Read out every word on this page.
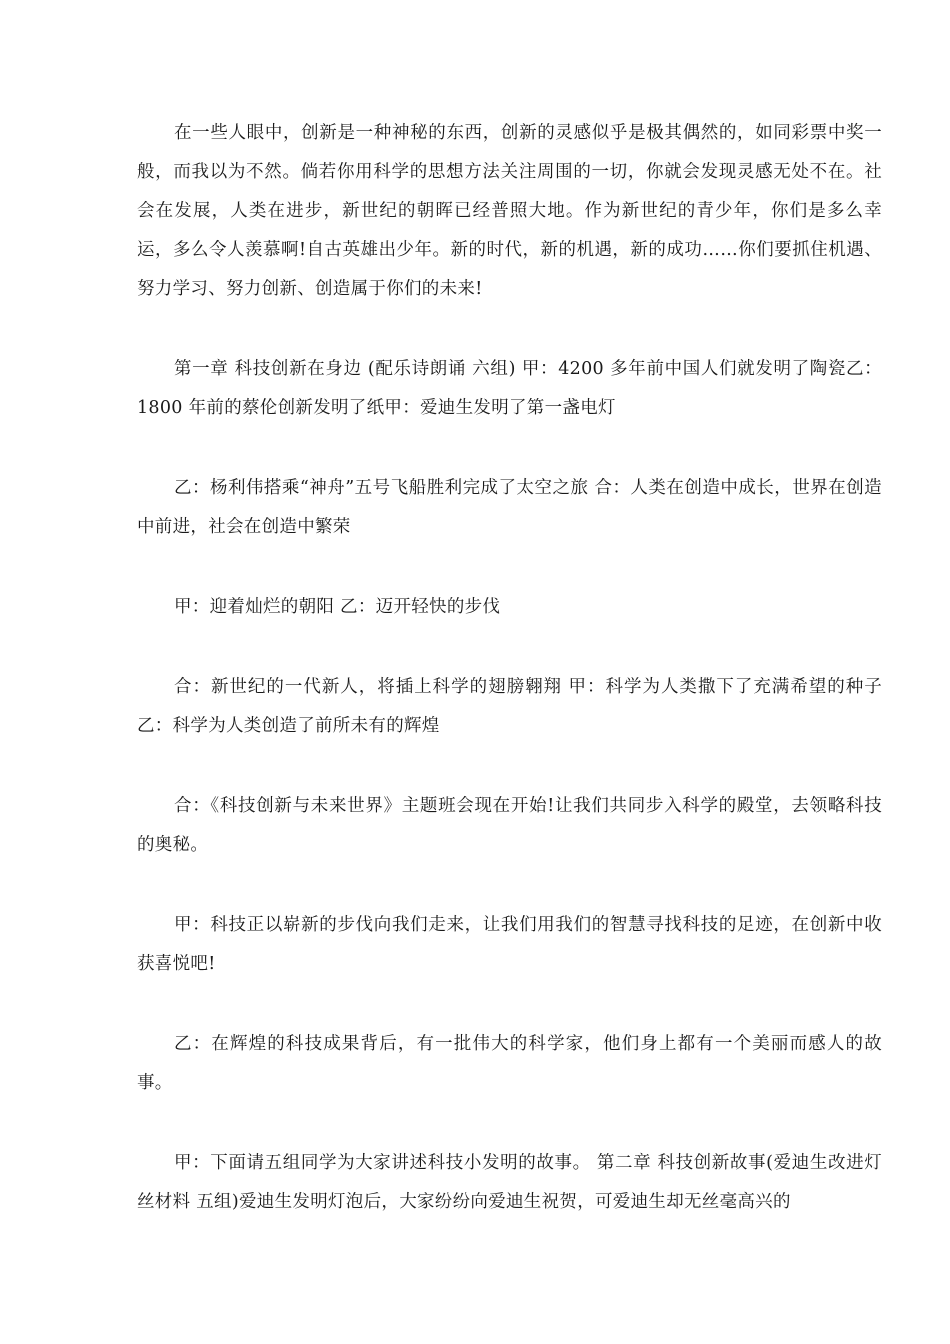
在一些人眼中，创新是一种神秘的东西，创新的灵感似乎是极其偶然的，如同彩票中奖一般，而我以为不然。倘若你用科学的思想方法关注周围的一切，你就会发现灵感无处不在。社会在发展，人类在进步，新世纪的朝晖已经普照大地。作为新世纪的青少年，你们是多么幸运，多么令人羡慕啊!自古英雄出少年。新的时代，新的机遇，新的成功……你们要抓住机遇、努力学习、努力创新、创造属于你们的未来!

第一章 科技创新在身边 (配乐诗朗诵 六组) 甲：4200 多年前中国人们就发明了陶瓷乙：1800 年前的蔡伦创新发明了纸甲：爱迪生发明了第一盏电灯

乙：杨利伟搭乘“神舟”五号飞船胜利完成了太空之旅 合：人类在创造中成长，世界在创造中前进，社会在创造中繁荣

甲：迎着灿烂的朝阳 乙：迈开轻快的步伐

合：新世纪的一代新人，将插上科学的翅膀翱翔 甲：科学为人类撒下了充满希望的种子 乙：科学为人类创造了前所未有的辉煌

合：《科技创新与未来世界》主题班会现在开始!让我们共同步入科学的殿堂，去领略科技的奥秘。

甲：科技正以崭新的步伐向我们走来，让我们用我们的智慧寻找科技的足迹，在创新中收获喜悦吧!

乙：在辉煌的科技成果背后，有一批伟大的科学家，他们身上都有一个美丽而感人的故事。

甲：下面请五组同学为大家讲述科技小发明的故事。 第二章 科技创新故事(爱迪生改进灯丝材料 五组)爱迪生发明灯泡后，大家纷纷向爱迪生祝贺，可爱迪生却无丝毫高兴的
